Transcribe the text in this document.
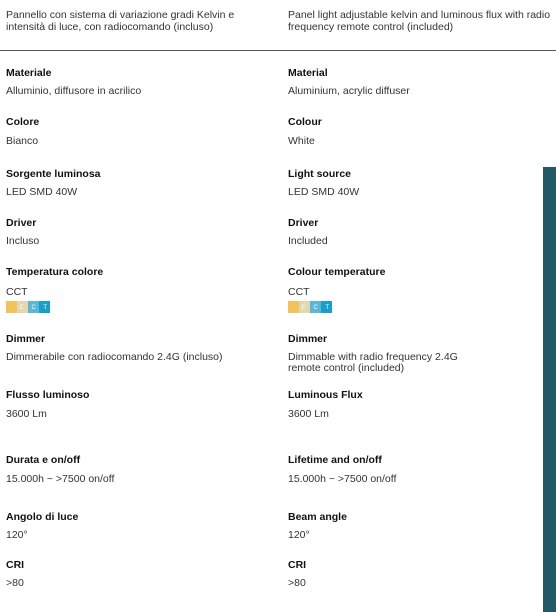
Pannello con sistema di variazione gradi Kelvin e intensità di luce, con radiocomando (incluso)
Panel light adjustable kelvin and luminous flux with radio frequency remote control (included)
Materiale
Alluminio, diffusore in acrilico
Colore
Bianco
Sorgente luminosa
LED SMD 40W
Driver
Incluso
Temperatura colore
CCT
C C T
Dimmer
Dimmerabile con radiocomando 2.4G (incluso)
Flusso luminoso
3600 Lm
Durata e on/off
15.000h ~ >7500 on/off
Angolo di luce
120°
CRI
>80
Material
Aluminium, acrylic diffuser
Colour
White
Light source
LED SMD 40W
Driver
Included
Colour temperature
CCT
C C T
Dimmer
Dimmable with radio frequency 2.4G remote control (included)
Luminous Flux
3600 Lm
Lifetime and on/off
15.000h ~ >7500 on/off
Beam angle
120°
CRI
>80
